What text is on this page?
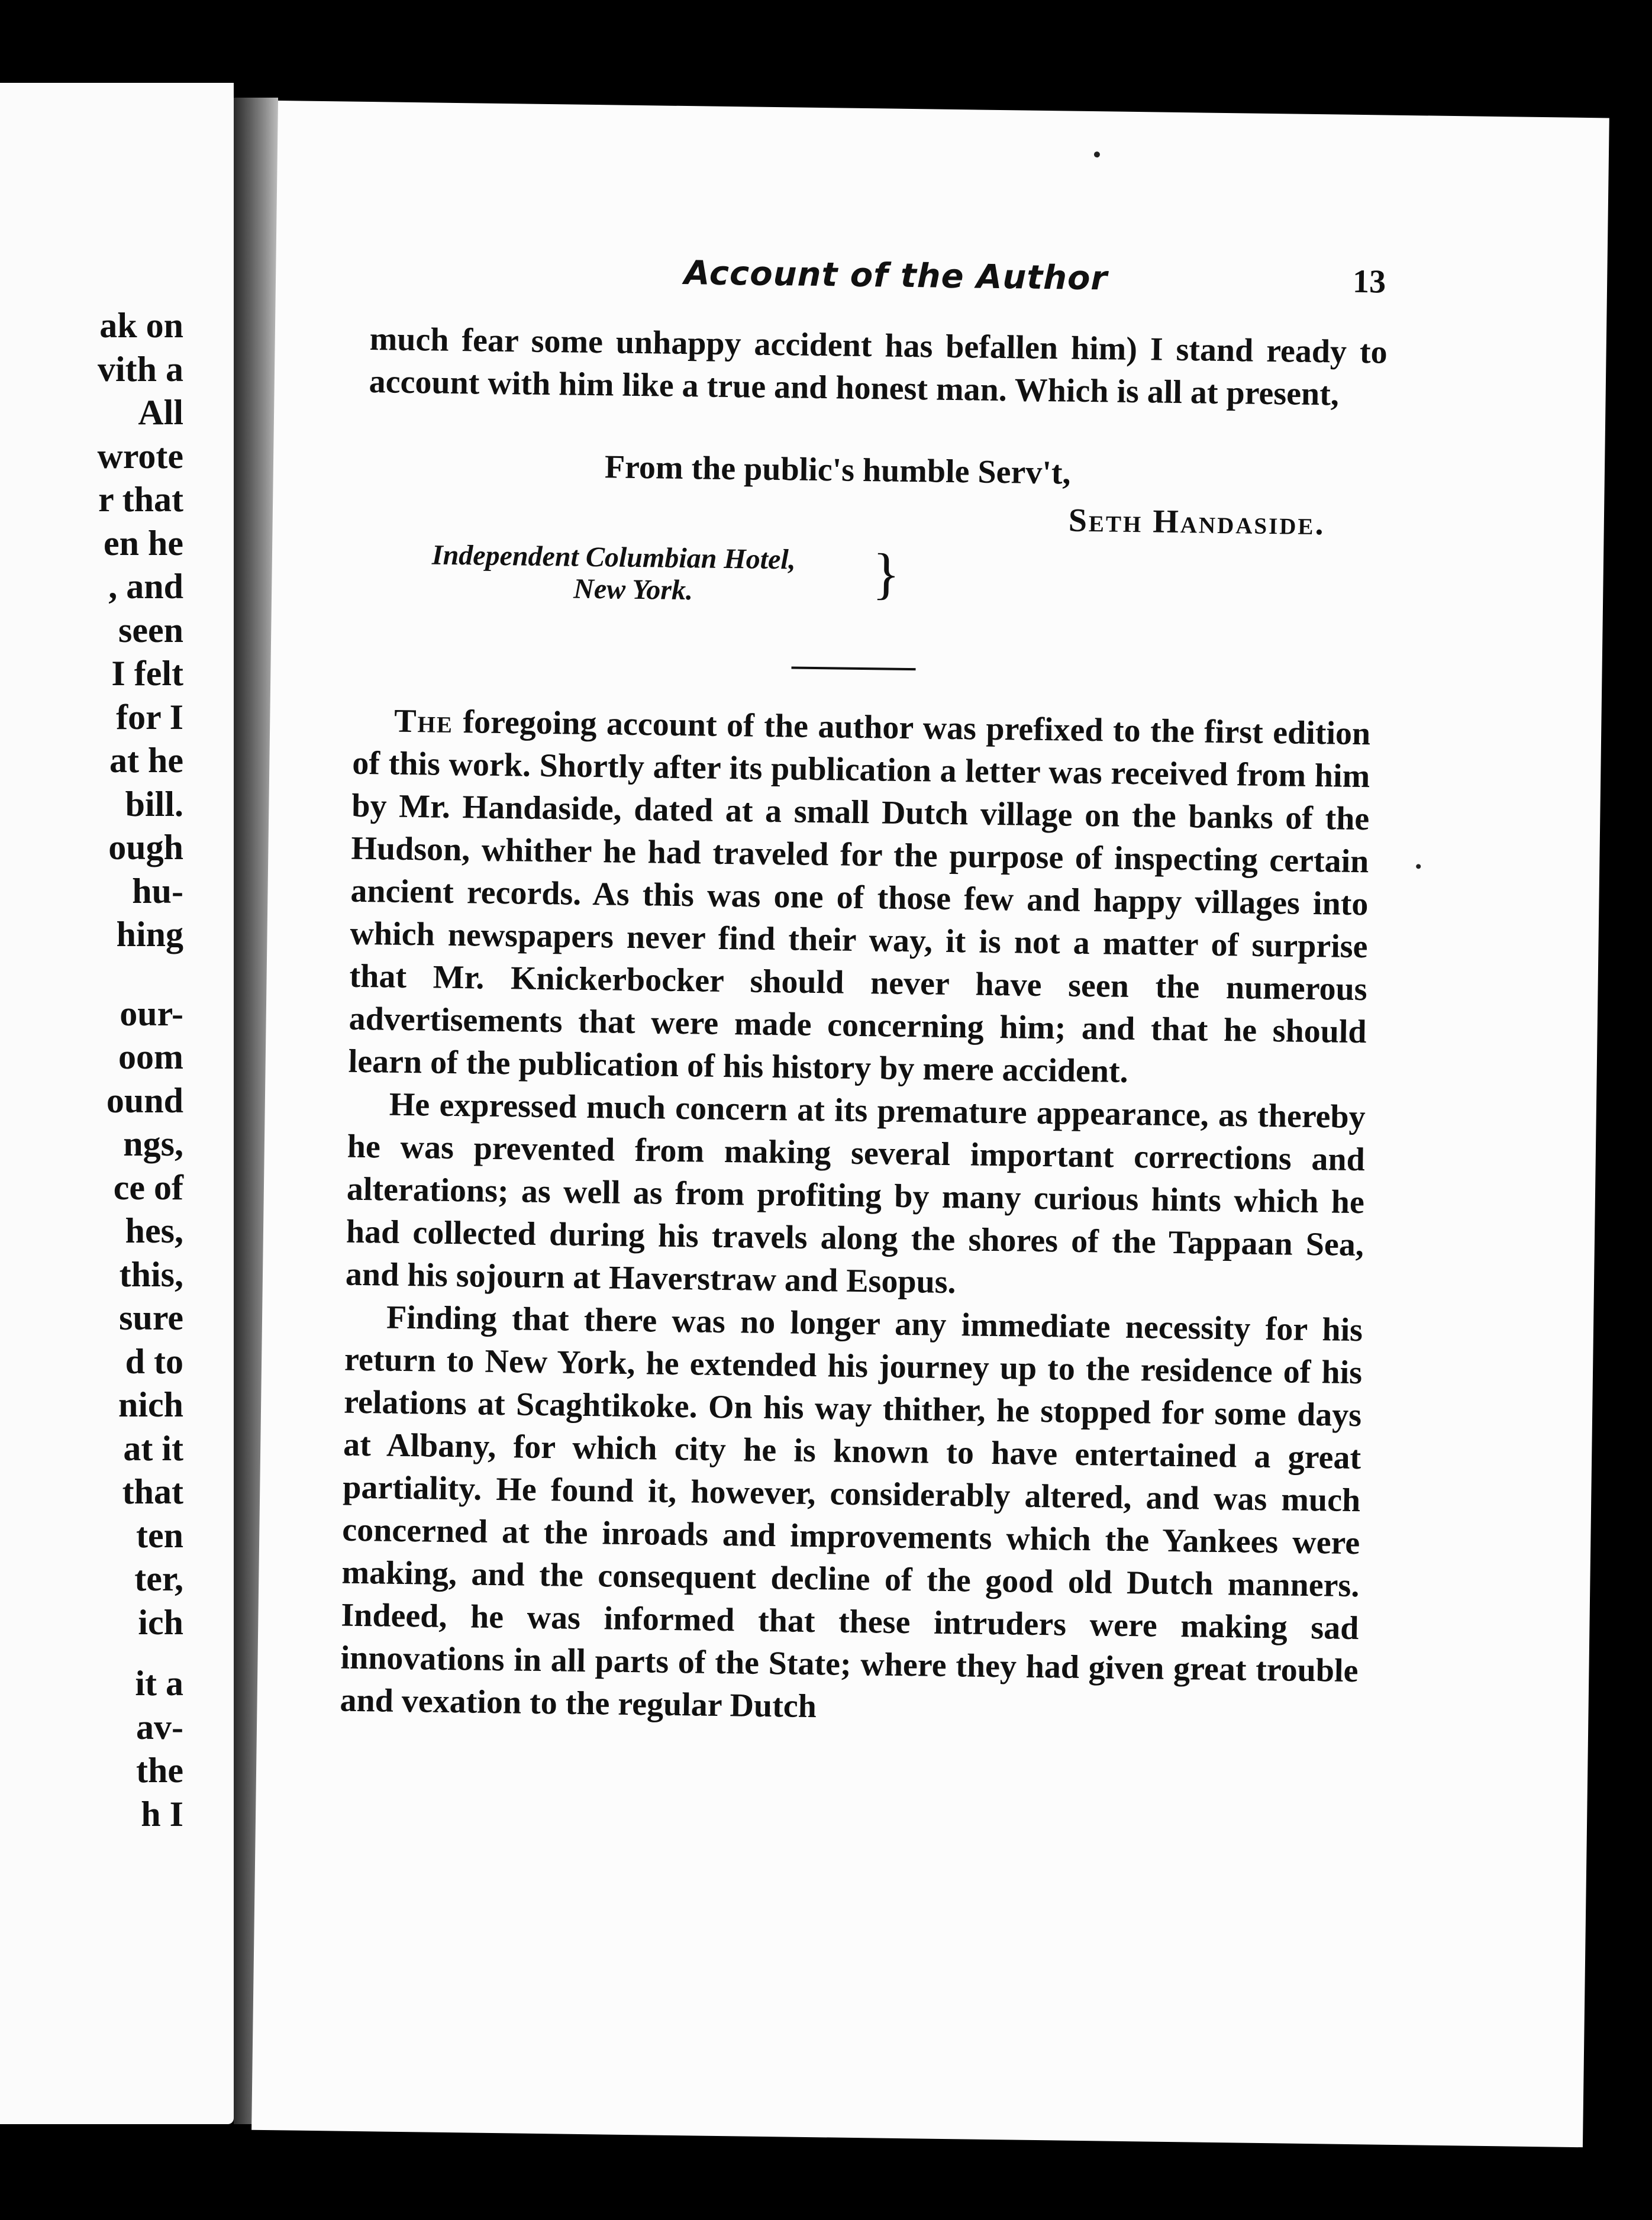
ak on
vith a
All
wrote
r that
en he
, and
seen
I felt
for I
at he
bill.
ough
hu-
hing
our-
oom
ound
ngs,
ce of
hes,
this,
sure
d to
nich
at it
that
ten
ter,
ich
it a
av-
the
h I
Account of the Author	13

much fear some unhappy accident has befallen him) I stand ready to account with him like a true and honest man. Which is all at present,

From the public's humble Serv't,
Seth Handaside.
Independent Columbian Hotel,
New York.	}

The foregoing account of the author was prefixed to the first edition of this work. Shortly after its publication a letter was received from him by Mr. Handaside, dated at a small Dutch village on the banks of the Hudson, whither he had traveled for the purpose of inspecting certain ancient records. As this was one of those few and happy villages into which newspapers never find their way, it is not a matter of surprise that Mr. Knickerbocker should never have seen the numerous advertisements that were made concerning him; and that he should learn of the publication of his history by mere accident.

He expressed much concern at its premature appearance, as thereby he was prevented from making several important corrections and alterations; as well as from profiting by many curious hints which he had collected during his travels along the shores of the Tappaan Sea, and his sojourn at Haverstraw and Esopus.

Finding that there was no longer any immediate necessity for his return to New York, he extended his journey up to the residence of his relations at Scaghtikoke. On his way thither, he stopped for some days at Albany, for which city he is known to have entertained a great partiality. He found it, however, considerably altered, and was much concerned at the inroads and improvements which the Yankees were making, and the consequent decline of the good old Dutch manners. Indeed, he was informed that these intruders were making sad innovations in all parts of the State; where they had given great trouble and vexation to the regular Dutch
